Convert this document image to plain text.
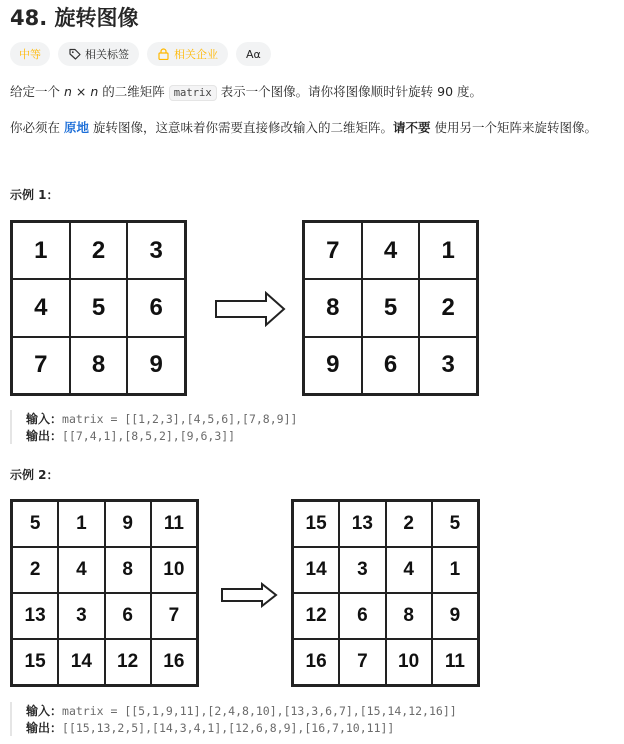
48. 旋转图像
中等	相关标签	相关企业	Aα
给定一个 n × n 的二维矩阵 matrix 表示一个图像。请你将图像顺时针旋转 90 度。
你必须在 原地 旋转图像，这意味着你需要直接修改输入的二维矩阵。请不要 使用另一个矩阵来旋转图像。
示例 1：
1	2	3
4	5	6
7	8	9
7	4	1
8	5	2
9	6	3
输入： matrix = [[1,2,3],[4,5,6],[7,8,9]]
输出： [[7,4,1],[8,5,2],[9,6,3]]
示例 2：
5	1	9	11
2	4	8	10
13	3	6	7
15	14	12	16
15	13	2	5
14	3	4	1
12	6	8	9
16	7	10	11
输入： matrix = [[5,1,9,11],[2,4,8,10],[13,3,6,7],[15,14,12,16]]
输出： [[15,13,2,5],[14,3,4,1],[12,6,8,9],[16,7,10,11]]
